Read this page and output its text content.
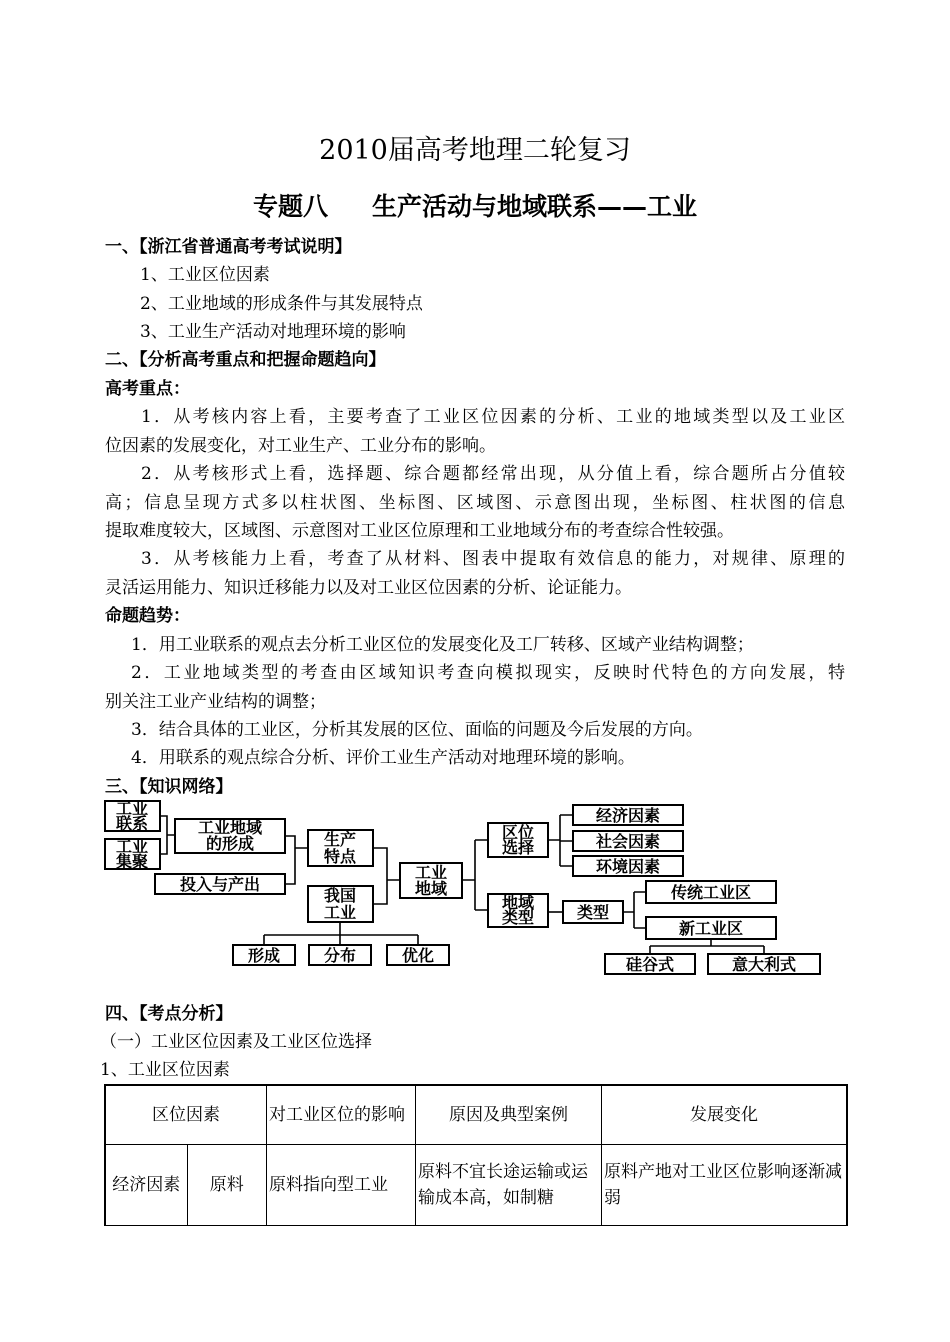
2010届高考地理二轮复习
专题八 生产活动与地域联系——工业
一、【浙江省普通高考考试说明】
1、工业区位因素
2、工业地域的形成条件与其发展特点
3、工业生产活动对地理环境的影响
二、【分析高考重点和把握命题趋向】
高考重点：
1．从考核内容上看，主要考查了工业区位因素的分析、工业的地域类型以及工业区
位因素的发展变化，对工业生产、工业分布的影响。
2．从考核形式上看，选择题、综合题都经常出现，从分值上看，综合题所占分值较
高；信息呈现方式多以柱状图、坐标图、区域图、示意图出现，坐标图、柱状图的信息
提取难度较大，区域图、示意图对工业区位原理和工业地域分布的考查综合性较强。
3．从考核能力上看，考查了从材料、图表中提取有效信息的能力，对规律、原理的
灵活运用能力、知识迁移能力以及对工业区位因素的分析、论证能力。
命题趋势：
1．用工业联系的观点去分析工业区位的发展变化及工厂转移、区域产业结构调整；
2．工业地域类型的考查由区域知识考查向模拟现实，反映时代特色的方向发展，特
别关注工业产业结构的调整；
3．结合具体的工业区，分析其发展的区位、面临的问题及今后发展的方向。
4．用联系的观点综合分析、评价工业生产活动对地理环境的影响。
三、【知识网络】
工业
联系
工业
集聚
工业地域
的形成
投入与产出
生产
特点
我国
工业
工业
地域
区位
选择
经济因素
社会因素
环境因素
地域
类型	类型
传统工业区
新工业区
硅谷式	意大利式
形成	分布	优化
四、【考点分析】
（一）工业区位因素及工业区位选择
1、工业区位因素
区位因素		对工业区位的影响	原因及典型案例	发展变化
经济因素	原料	原料指向型工业	原料不宜长途运输或运输成本高，如制糖	原料产地对工业区位影响逐渐减弱
